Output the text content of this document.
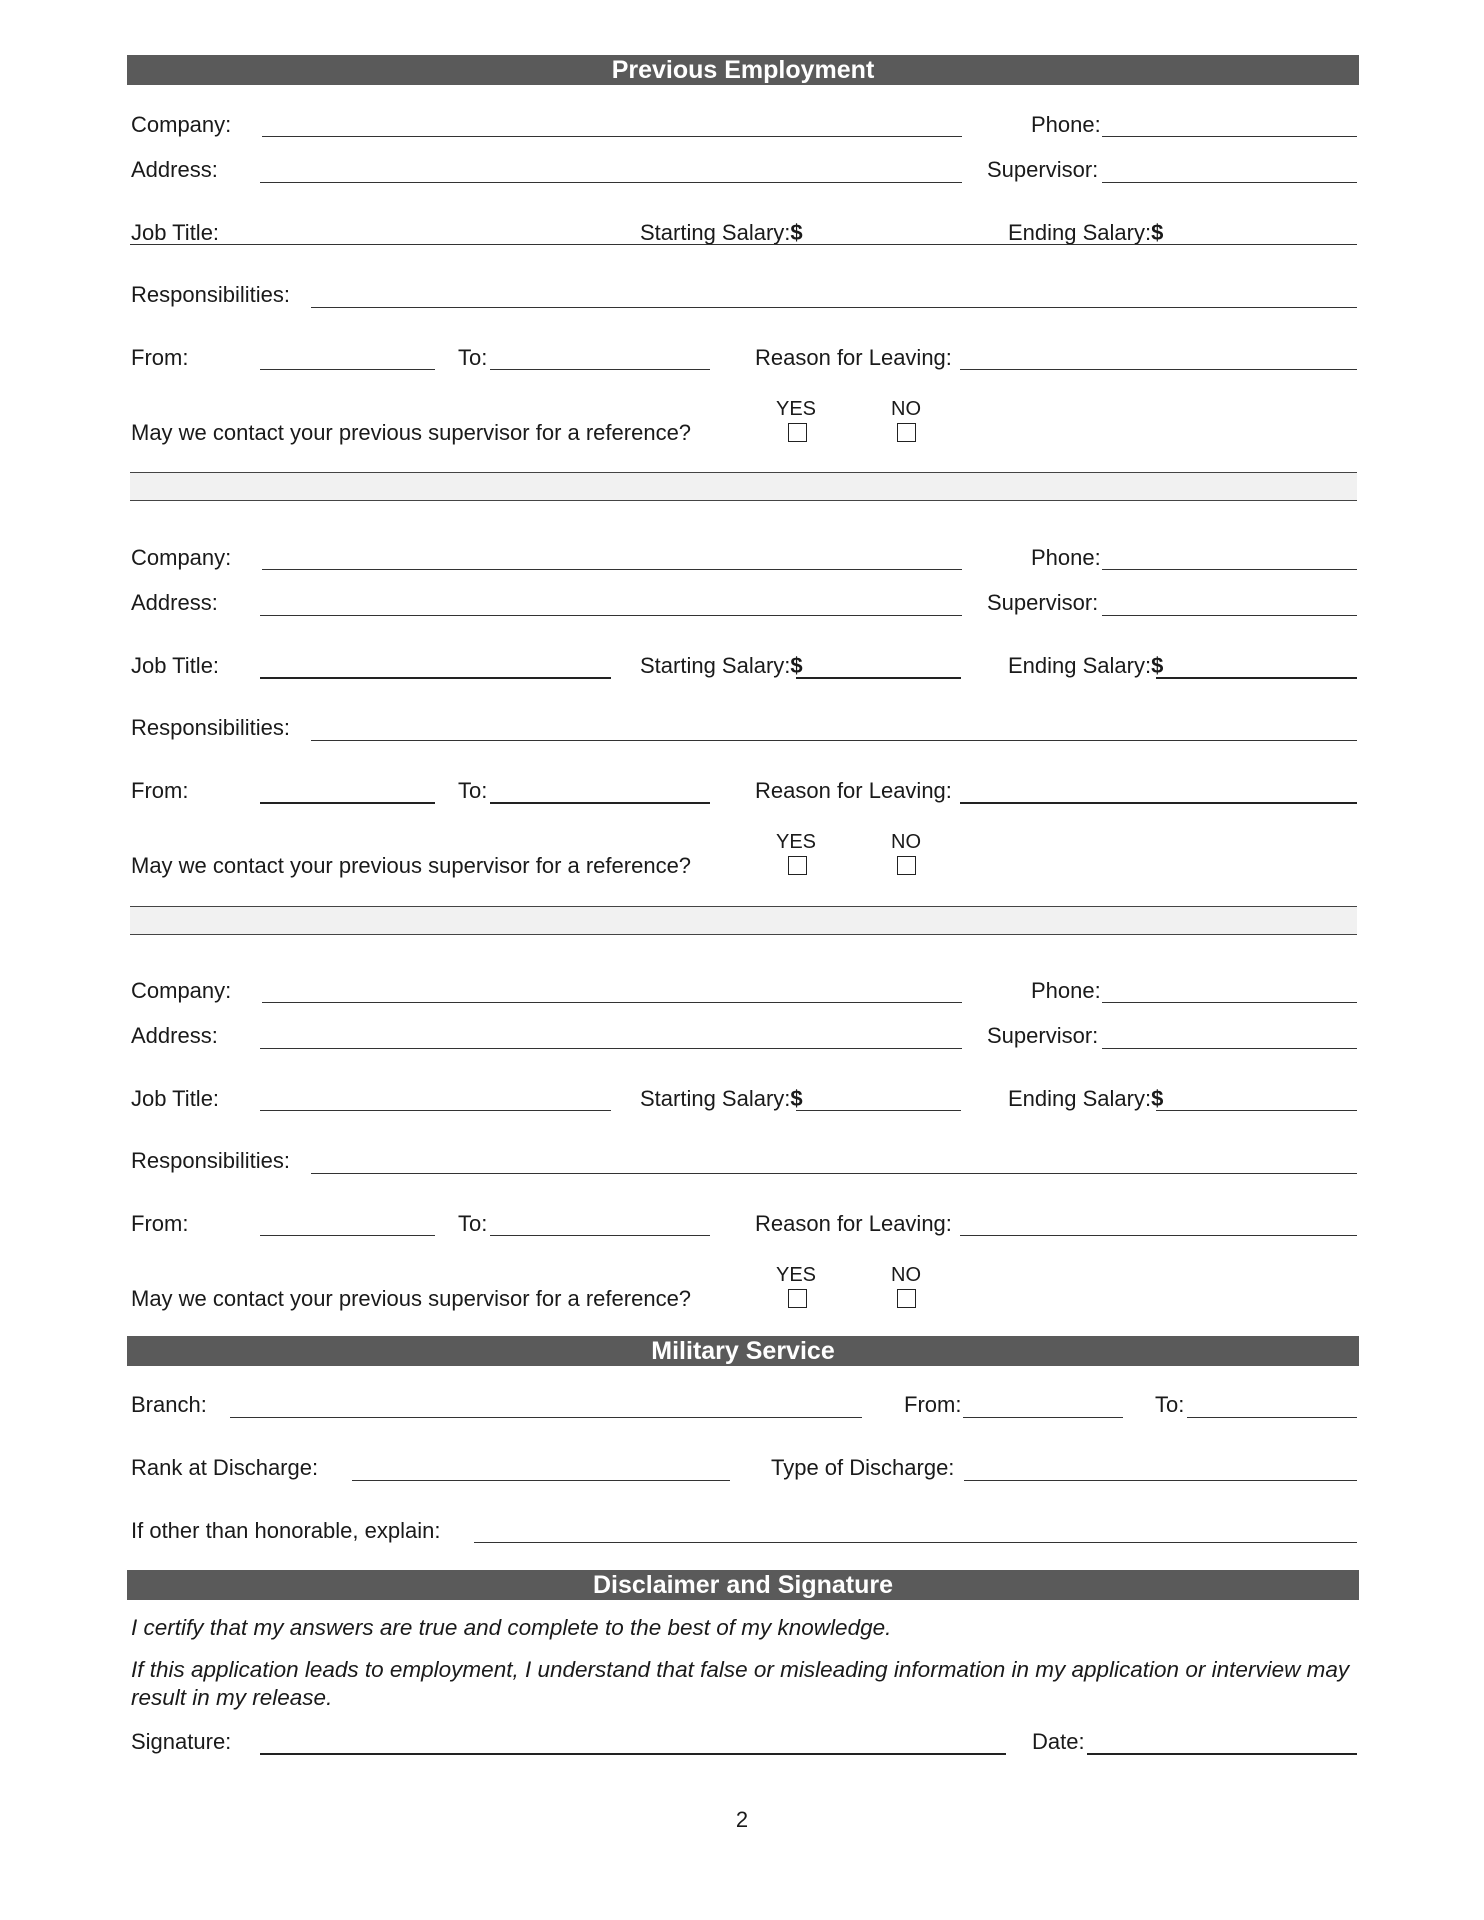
Previous Employment
Company:	Phone:
Address:	Supervisor:
Job Title:	Starting Salary:$	Ending Salary:$
Responsibilities:
From:	To:	Reason for Leaving:
YES	NO
May we contact your previous supervisor for a reference?
Company:	Phone:
Address:	Supervisor:
Job Title:	Starting Salary:$	Ending Salary:$
Responsibilities:
From:	To:	Reason for Leaving:
YES	NO
May we contact your previous supervisor for a reference?
Company:	Phone:
Address:	Supervisor:
Job Title:	Starting Salary:$	Ending Salary:$
Responsibilities:
From:	To:	Reason for Leaving:
YES	NO
May we contact your previous supervisor for a reference?
Military Service
Branch:	From:	To:
Rank at Discharge:	Type of Discharge:
If other than honorable, explain:
Disclaimer and Signature
I certify that my answers are true and complete to the best of my knowledge.
If this application leads to employment, I understand that false or misleading information in my application or interview may result in my release.
Signature:	Date:
2
